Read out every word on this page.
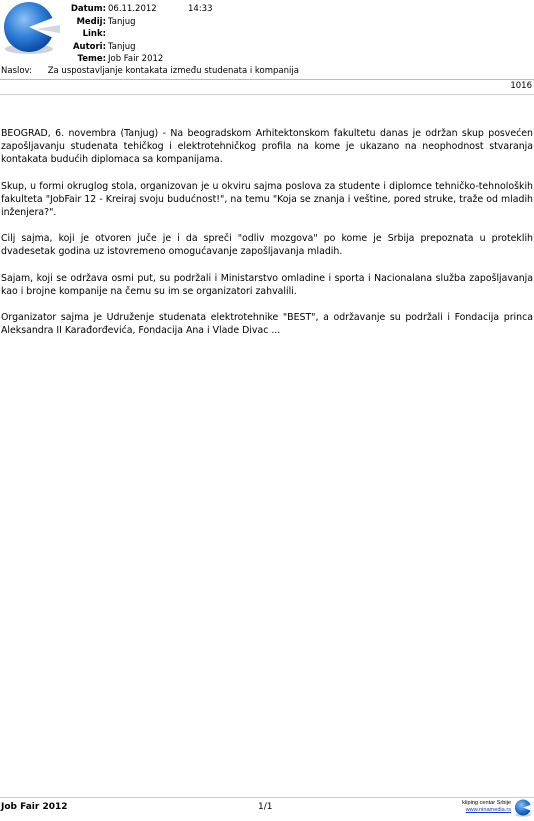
Datum: 06.11.2012
Medij: Tanjug
Link:
Autori: Tanjug
Teme: Job Fair 2012
14:33
Naslov: Za uspostavljanje kontakata između studenata i kompanija
1016

BEOGRAD, 6. novembra (Tanjug) - Na beogradskom Arhitektonskom fakultetu danas je održan skup posvećen zapošljavanju studenata tehičkog i elektrotehničkog profila na kome je ukazano na neophodnost stvaranja kontakata budućih diplomaca sa kompanijama.

Skup, u formi okruglog stola, organizovan je u okviru sajma poslova za studente i diplomce tehničko-tehnoloških fakulteta "JobFair 12 - Kreiraj svoju budućnost!", na temu "Koja se znanja i veštine, pored struke, traže od mladih inženjera?".

Cilj sajma, koji je otvoren juče je i da spreči "odliv mozgova" po kome je Srbija prepoznata u proteklih dvadesetak godina uz istovremeno omogućavanje zapošljavanja mladih.

Sajam, koji se održava osmi put, su podržali i Ministarstvo omladine i sporta i Nacionalana služba zapošljavanja kao i brojne kompanije na čemu su im se organizatori zahvalili.

Organizator sajma je Udruženje studenata elektrotehnike "BEST", a održavanje su podržali i Fondacija princa Aleksandra II Karađorđevića, Fondacija Ana i Vlade Divac ...

Job Fair 2012	1/1	kliping centar Srbije
www.ninamedia.rs
